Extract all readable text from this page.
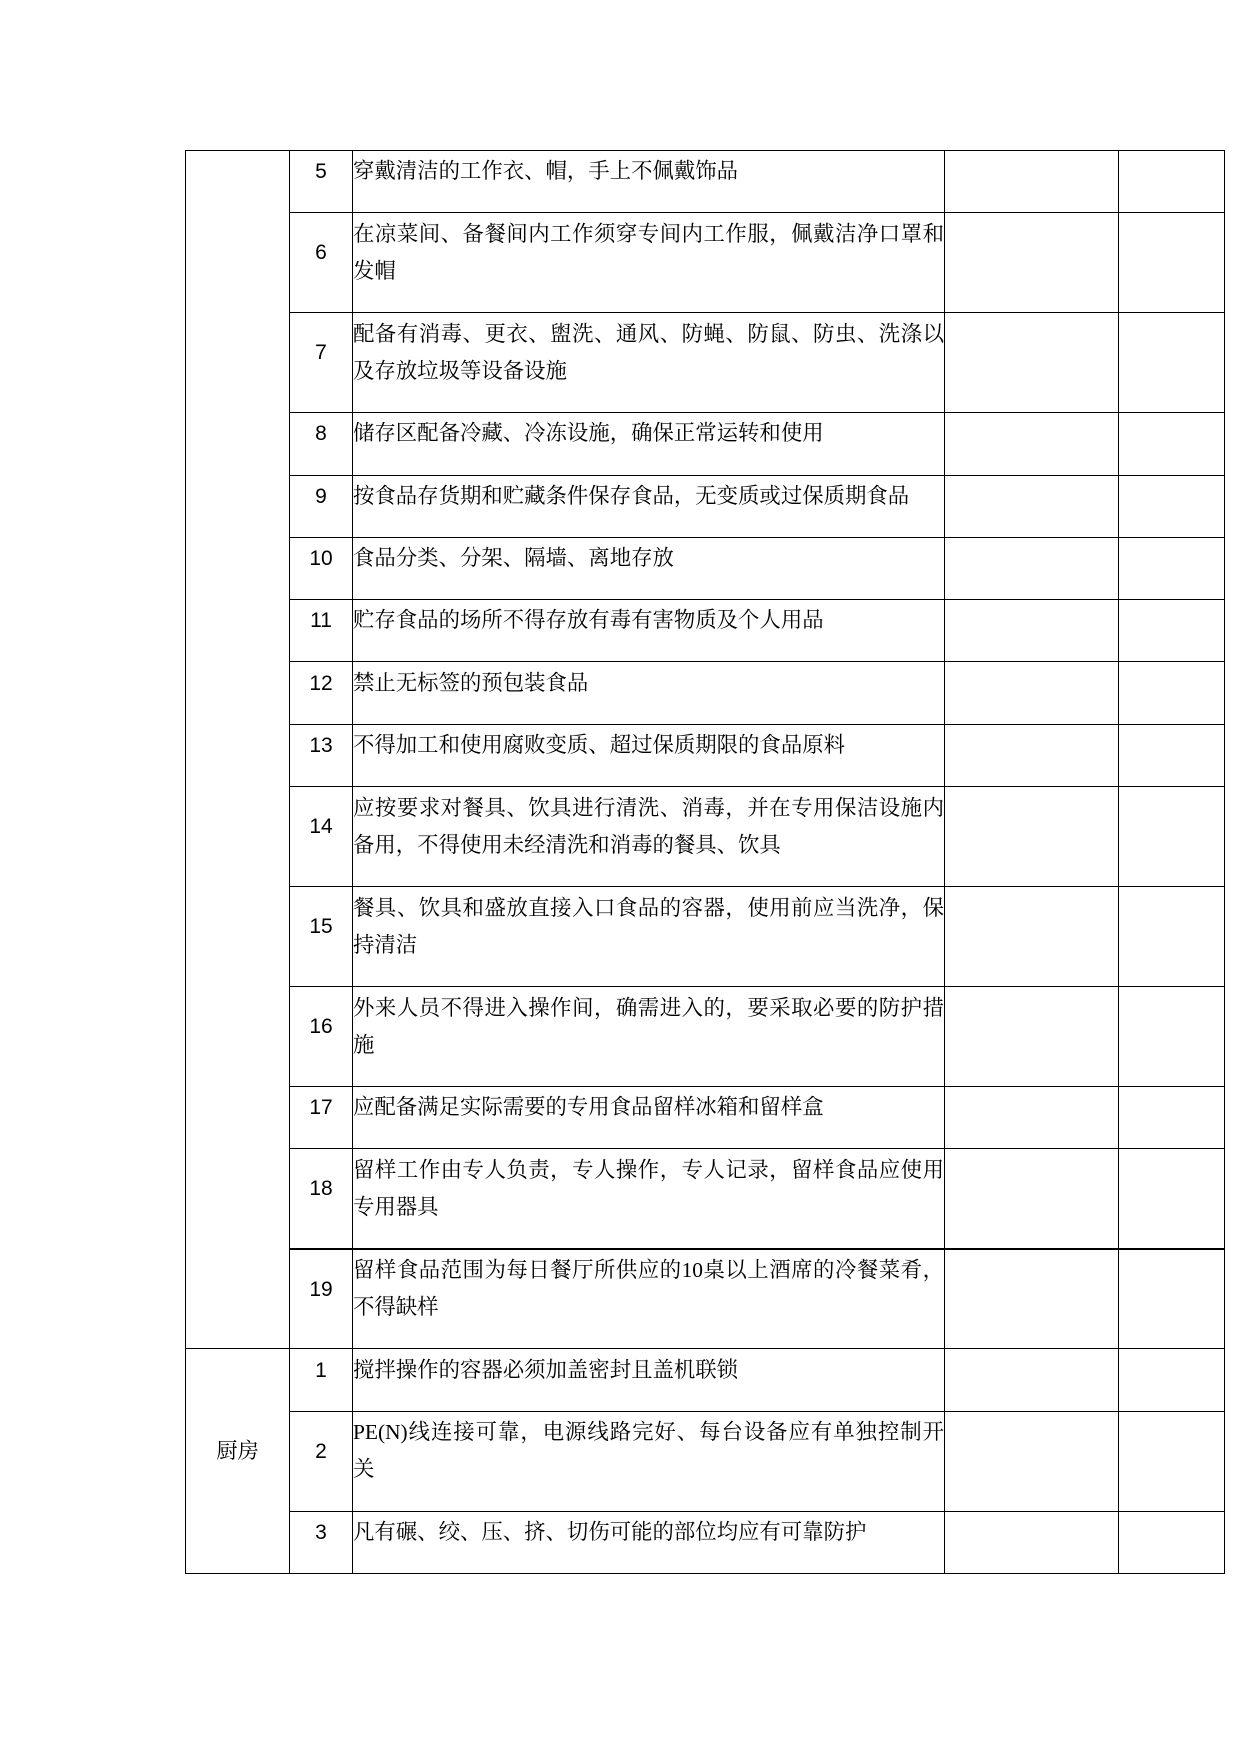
	5	穿戴清洁的工作衣、帽，手上不佩戴饰品		

	6	在凉菜间、备餐间内工作须穿专间内工作服，佩戴洁净口罩和
发帽		

	7	配备有消毒、更衣、盥洗、通风、防蝇、防鼠、防虫、洗涤以
及存放垃圾等设备设施		

	8	储存区配备冷藏、冷冻设施，确保正常运转和使用		

	9	按食品存货期和贮藏条件保存食品，无变质或过保质期食品		

	10	食品分类、分架、隔墙、离地存放		

	11	贮存食品的场所不得存放有毒有害物质及个人用品		

	12	禁止无标签的预包装食品		

	13	不得加工和使用腐败变质、超过保质期限的食品原料		

	14	应按要求对餐具、饮具进行清洗、消毒，并在专用保洁设施内
备用，不得使用未经清洗和消毒的餐具、饮具		

	15	餐具、饮具和盛放直接入口食品的容器，使用前应当洗净，保
持清洁		

	16	外来人员不得进入操作间，确需进入的，要采取必要的防护措
施		

	17	应配备满足实际需要的专用食品留样冰箱和留样盒		

	18	留样工作由专人负责，专人操作，专人记录，留样食品应使用
专用器具		

	19	留样食品范围为每日餐厅所供应的10桌以上酒席的冷餐菜肴，
不得缺样		

厨房	1	搅拌操作的容器必须加盖密封且盖机联锁		

	2	PE(N)线连接可靠，电源线路完好、每台设备应有单独控制开
关		

	3	凡有碾、绞、压、挤、切伤可能的部位均应有可靠防护		
